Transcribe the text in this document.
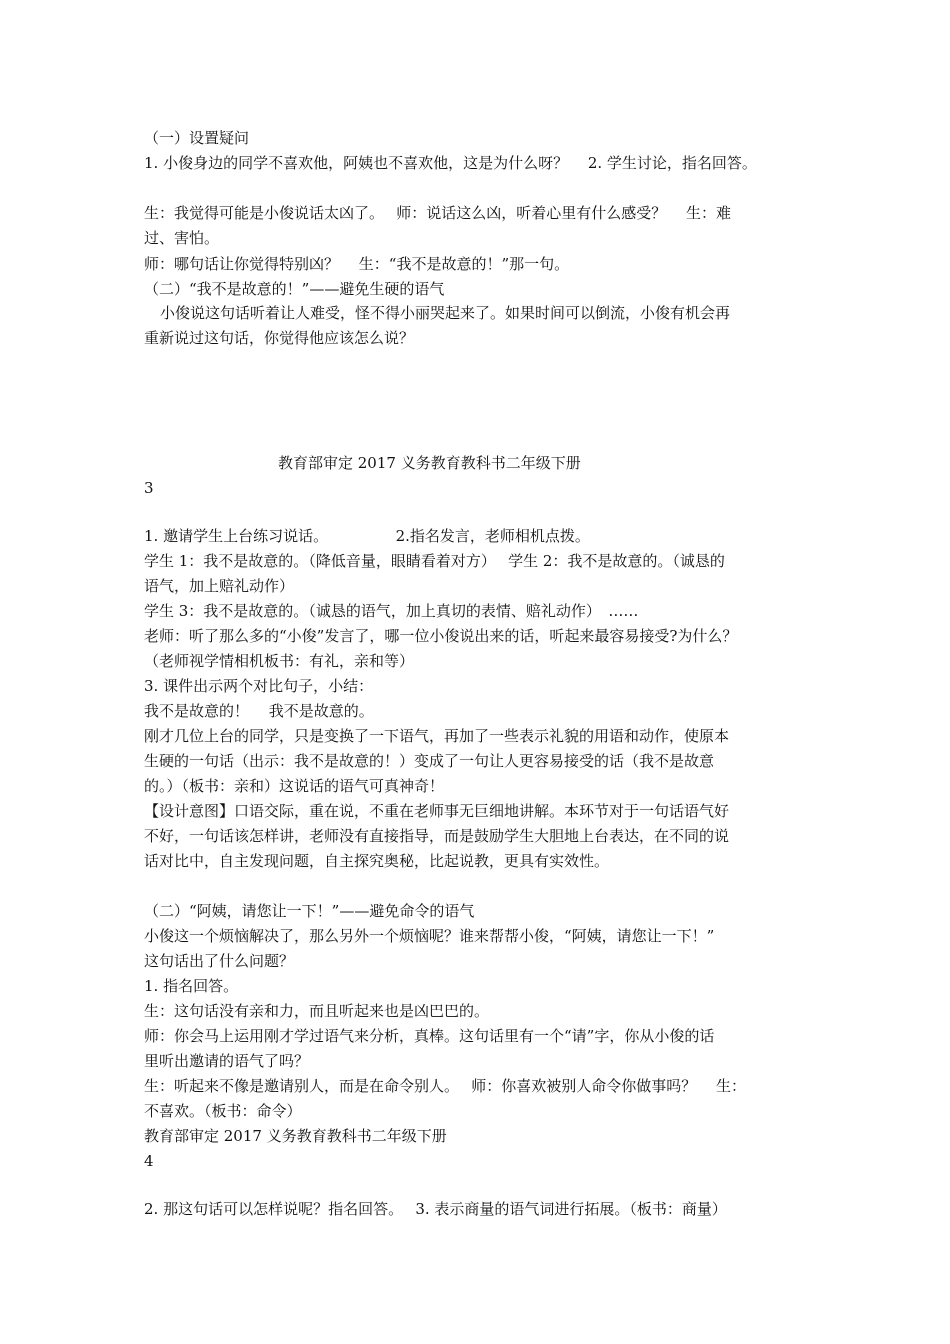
（一）设置疑问
1. 小俊身边的同学不喜欢他，阿姨也不喜欢他，这是为什么呀？　 2. 学生讨论，指名回答。
生：我觉得可能是小俊说话太凶了。　 师：说话这么凶，听着心里有什么感受？　 生：难
过、害怕。
师：哪句话让你觉得特别凶？　 生：“我不是故意的！”那一句。
（二）“我不是故意的！”——避免生硬的语气
小俊说这句话听着让人难受，怪不得小丽哭起来了。如果时间可以倒流，小俊有机会再
重新说过这句话，你觉得他应该怎么说？
教育部审定 2017 义务教育教科书二年级下册
3
1. 邀请学生上台练习说话。　　　　　2.指名发言，老师相机点拨。
学生 1：我不是故意的。（降低音量，眼睛看着对方）　 学生 2：我不是故意的。（诚恳的
语气，加上赔礼动作）
学生 3：我不是故意的。（诚恳的语气，加上真切的表情、赔礼动作）　……
老师：听了那么多的“小俊”发言了，哪一位小俊说出来的话，听起来最容易接受?为什么？
（老师视学情相机板书：有礼，亲和等）
3. 课件出示两个对比句子，小结：
我不是故意的！　 我不是故意的。
刚才几位上台的同学，只是变换了一下语气，再加了一些表示礼貌的用语和动作，使原本
生硬的一句话（出示：我不是故意的！）变成了一句让人更容易接受的话（我不是故意
的。）（板书：亲和）这说话的语气可真神奇！
【设计意图】口语交际，重在说，不重在老师事无巨细地讲解。本环节对于一句话语气好
不好，一句话该怎样讲，老师没有直接指导，而是鼓励学生大胆地上台表达，在不同的说
话对比中，自主发现问题，自主探究奥秘，比起说教，更具有实效性。
（二）“阿姨，请您让一下！”——避免命令的语气
小俊这一个烦恼解决了，那么另外一个烦恼呢？谁来帮帮小俊，“阿姨，请您让一下！”
这句话出了什么问题？
1. 指名回答。
生：这句话没有亲和力，而且听起来也是凶巴巴的。
师：你会马上运用刚才学过语气来分析，真棒。这句话里有一个“请”字，你从小俊的话
里听出邀请的语气了吗？
生：听起来不像是邀请别人，而是在命令别人。　 师：你喜欢被别人命令你做事吗？　 生：
不喜欢。（板书：命令）
教育部审定 2017 义务教育教科书二年级下册
4
2. 那这句话可以怎样说呢？指名回答。　 3. 表示商量的语气词进行拓展。（板书：商量）
